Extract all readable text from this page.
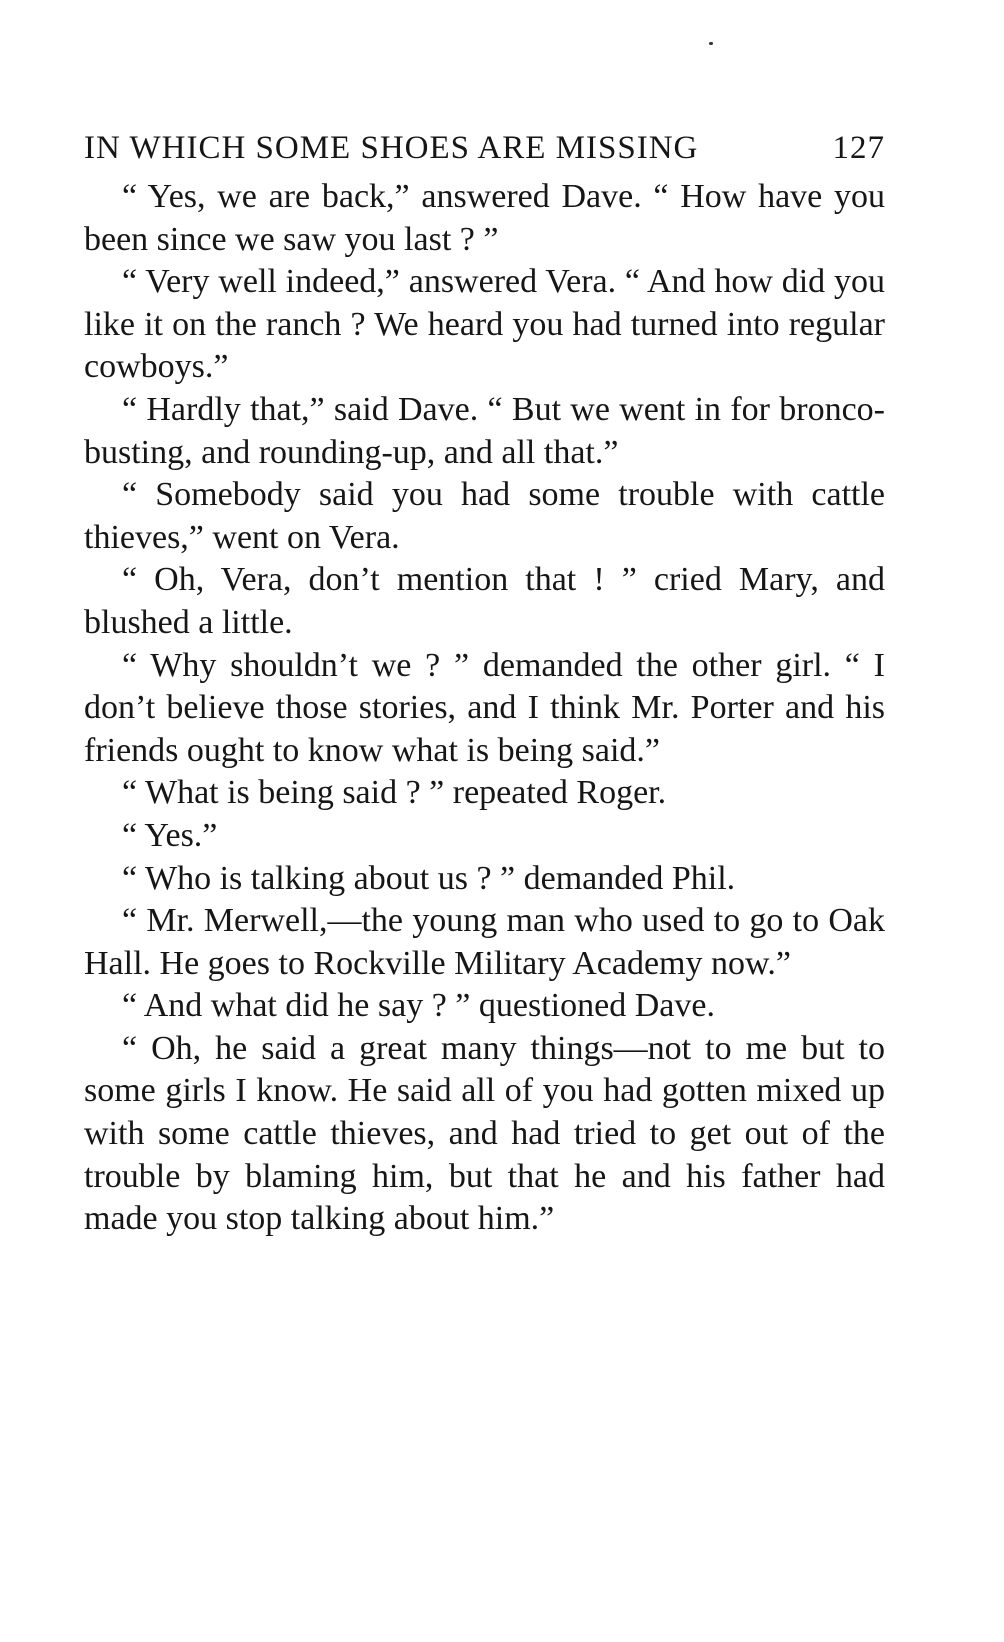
IN WHICH SOME SHOES ARE MISSING	127

“ Yes, we are back,” answered Dave. “ How have you been since we saw you last ? ”

“ Very well indeed,” answered Vera. “ And how did you like it on the ranch ? We heard you had turned into regular cowboys.”

“ Hardly that,” said Dave. “ But we went in for bronco-busting, and rounding-up, and all that.”

“ Somebody said you had some trouble with cattle thieves,” went on Vera.

“ Oh, Vera, don’t mention that ! ” cried Mary, and blushed a little.

“ Why shouldn’t we ? ” demanded the other girl. “ I don’t believe those stories, and I think Mr. Porter and his friends ought to know what is being said.”

“ What is being said ? ” repeated Roger.

“ Yes.”

“ Who is talking about us ? ” demanded Phil.

“ Mr. Merwell,—the young man who used to go to Oak Hall. He goes to Rockville Military Academy now.”

“ And what did he say ? ” questioned Dave.

“ Oh, he said a great many things—not to me but to some girls I know. He said all of you had gotten mixed up with some cattle thieves, and had tried to get out of the trouble by blaming him, but that he and his father had made you stop talking about him.”
